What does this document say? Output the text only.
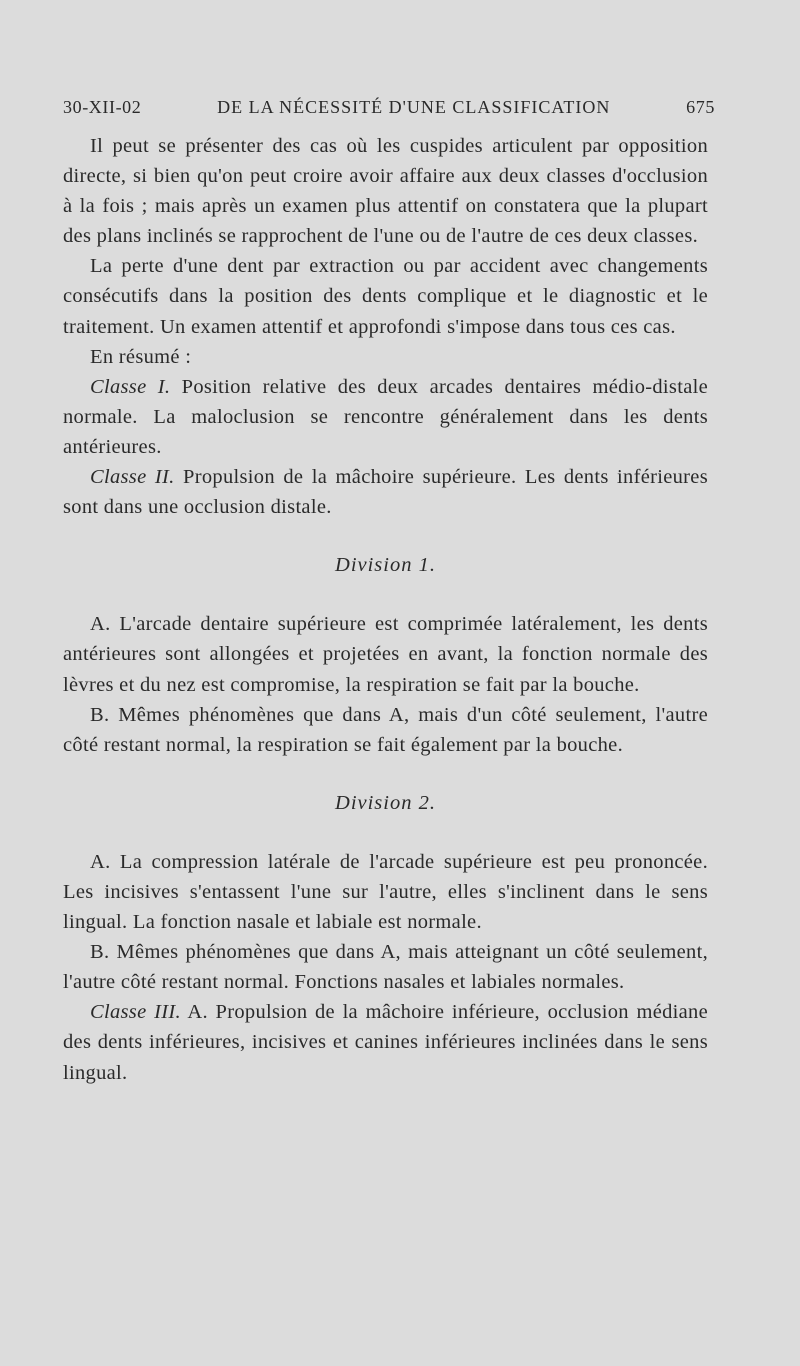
30-XII-02	DE LA NÉCESSITÉ D'UNE CLASSIFICATION	675

Il peut se présenter des cas où les cuspides articulent par opposition directe, si bien qu'on peut croire avoir affaire aux deux classes d'occlusion à la fois ; mais après un examen plus attentif on constatera que la plupart des plans inclinés se rapprochent de l'une ou de l'autre de ces deux classes.

La perte d'une dent par extraction ou par accident avec changements consécutifs dans la position des dents complique et le diagnostic et le traitement. Un examen attentif et approfondi s'impose dans tous ces cas.

En résumé :

Classe I. Position relative des deux arcades dentaires médio-distale normale. La maloclusion se rencontre généralement dans les dents antérieures.

Classe II. Propulsion de la mâchoire supérieure. Les dents inférieures sont dans une occlusion distale.

Division 1.

A. L'arcade dentaire supérieure est comprimée latéralement, les dents antérieures sont allongées et projetées en avant, la fonction normale des lèvres et du nez est compromise, la respiration se fait par la bouche.

B. Mêmes phénomènes que dans A, mais d'un côté seulement, l'autre côté restant normal, la respiration se fait également par la bouche.

Division 2.

A. La compression latérale de l'arcade supérieure est peu prononcée. Les incisives s'entassent l'une sur l'autre, elles s'inclinent dans le sens lingual. La fonction nasale et labiale est normale.

B. Mêmes phénomènes que dans A, mais atteignant un côté seulement, l'autre côté restant normal. Fonctions nasales et labiales normales.

Classe III. A. Propulsion de la mâchoire inférieure, occlusion médiane des dents inférieures, incisives et canines inférieures inclinées dans le sens lingual.
